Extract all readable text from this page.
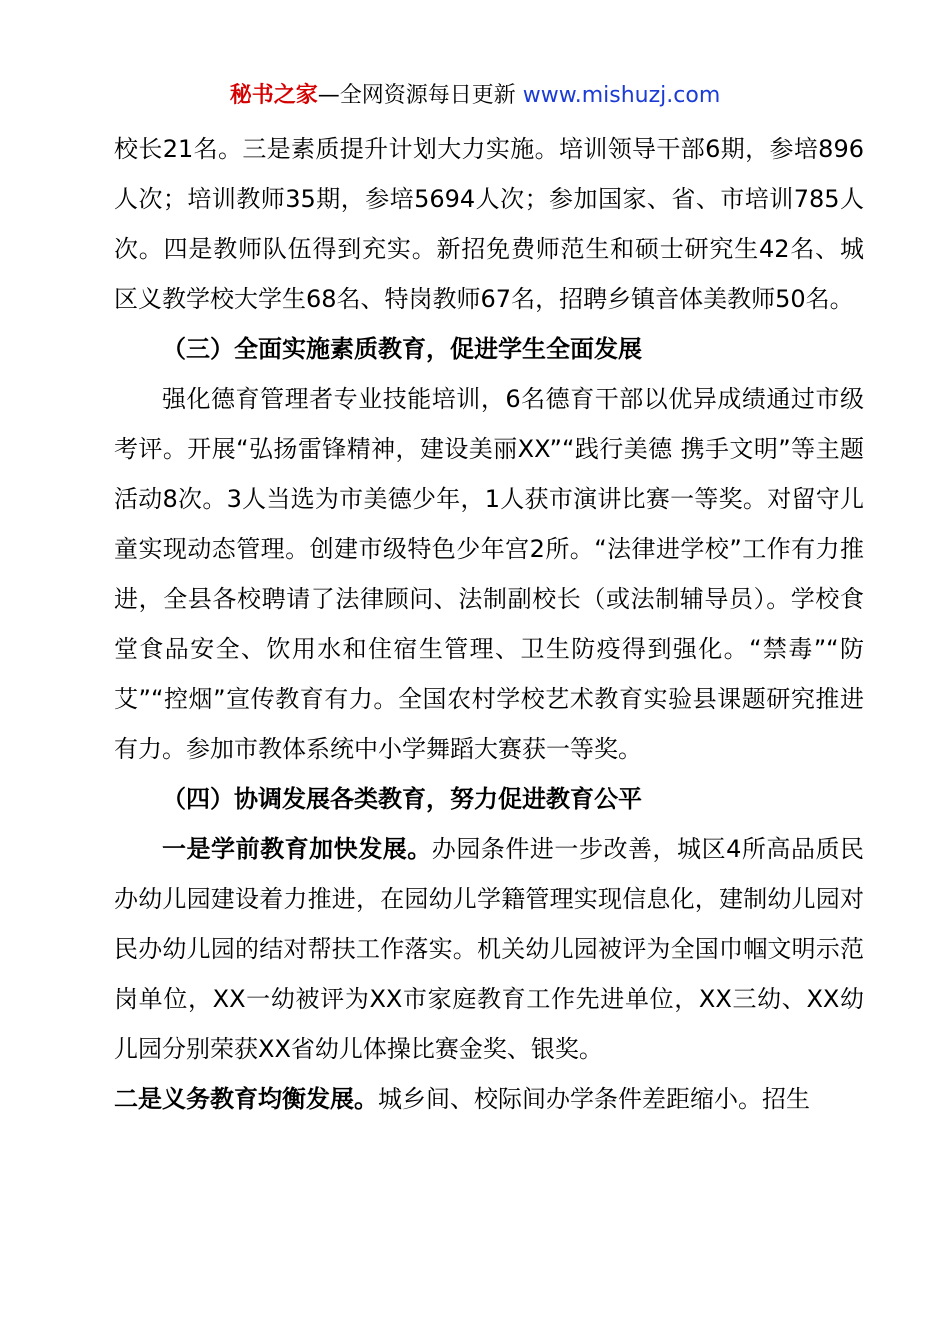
秘书之家—全网资源每日更新 www.mishuzj.com

校长21名。三是素质提升计划大力实施。培训领导干部6期，参培896人次；培训教师35期，参培5694人次；参加国家、省、市培训785人次。四是教师队伍得到充实。新招免费师范生和硕士研究生42名、城区义教学校大学生68名、特岗教师67名，招聘乡镇音体美教师50名。

（三）全面实施素质教育，促进学生全面发展

强化德育管理者专业技能培训，6名德育干部以优异成绩通过市级考评。开展“弘扬雷锋精神，建设美丽XX”“践行美德 携手文明”等主题活动8次。3人当选为市美德少年，1人获市演讲比赛一等奖。对留守儿童实现动态管理。创建市级特色少年宫2所。“法律进学校”工作有力推进，全县各校聘请了法律顾问、法制副校长（或法制辅导员）。学校食堂食品安全、饮用水和住宿生管理、卫生防疫得到强化。“禁毒”“防艾”“控烟”宣传教育有力。全国农村学校艺术教育实验县课题研究推进有力。参加市教体系统中小学舞蹈大赛获一等奖。

（四）协调发展各类教育，努力促进教育公平

一是学前教育加快发展。办园条件进一步改善，城区4所高品质民办幼儿园建设着力推进，在园幼儿学籍管理实现信息化，建制幼儿园对民办幼儿园的结对帮扶工作落实。机关幼儿园被评为全国巾帼文明示范岗单位，XX一幼被评为XX市家庭教育工作先进单位，XX三幼、XX幼儿园分别荣获XX省幼儿体操比赛金奖、银奖。

二是义务教育均衡发展。城乡间、校际间办学条件差距缩小。招生
